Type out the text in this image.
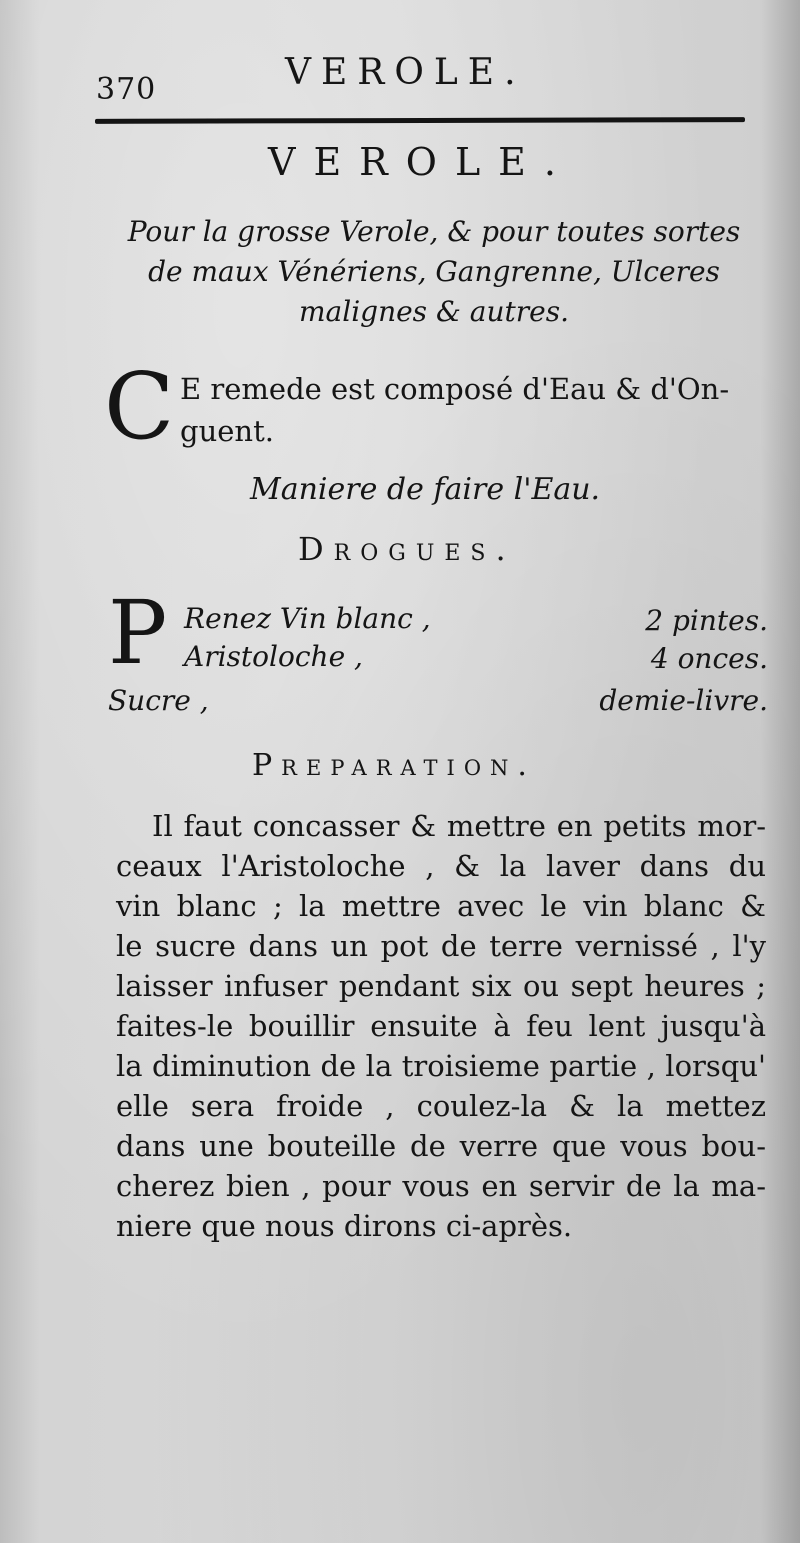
370	VEROLE.
VEROLE.
Pour la grosse Verole, & pour toutes sortes
de maux Vénériens, Gangrenne, Ulceres
malignes & autres.
C E remede est composé d'Eau & d'On-
guent.
Maniere de faire l'Eau.
Drogues.
P Renez Vin blanc ,	2 pintes.
Aristoloche ,	4 onces.
Sucre ,	demie-livre.
Preparation.
Il faut concasser & mettre en petits mor-
ceaux l'Aristoloche , & la laver dans du
vin blanc ; la mettre avec le vin blanc &
le sucre dans un pot de terre vernissé , l'y
laisser infuser pendant six ou sept heures ;
faites-le bouillir ensuite à feu lent jusqu'à
la diminution de la troisieme partie , lorsqu'
elle sera froide , coulez-la & la mettez
dans une bouteille de verre que vous bou-
cherez bien , pour vous en servir de la ma-
niere que nous dirons ci-après.
